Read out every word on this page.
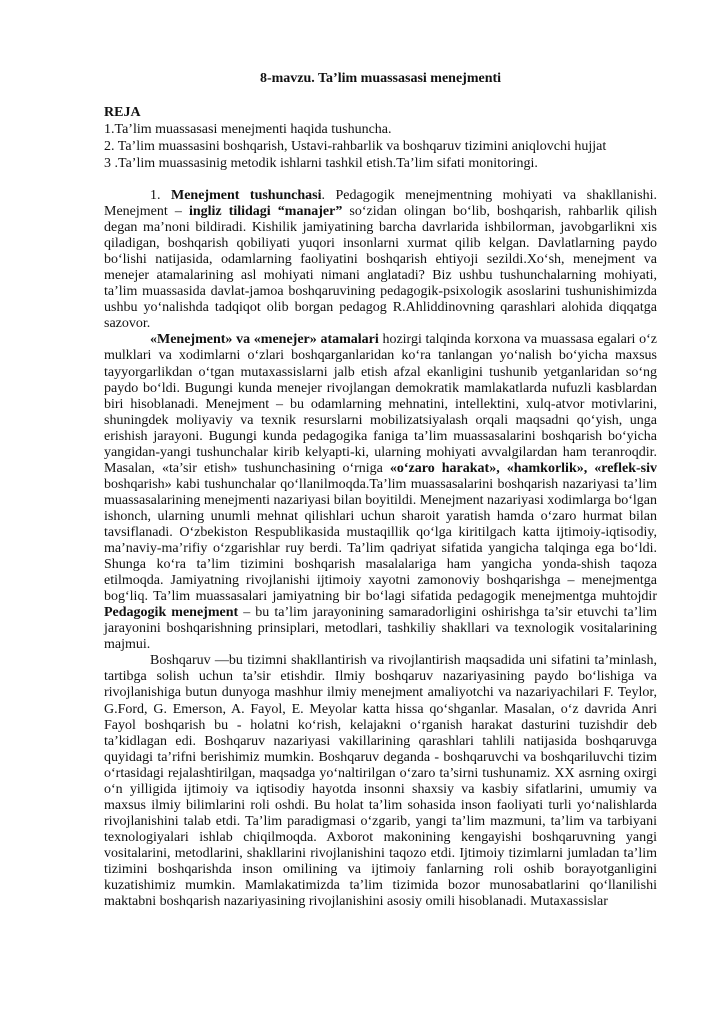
8-mavzu. Ta’lim muassasasi menejmenti
REJA
1.Ta’lim muassasasi menejmenti haqida tushuncha.
2. Ta’lim muassasini boshqarish, Ustavi-rahbarlik va boshqaruv tizimini aniqlovchi hujjat
3 .Ta’lim muassasinig metodik ishlarni tashkil etish.Ta’lim sifati monitoringi.

1. Menejment tushunchasi. Pedagogik menejmentning mohiyati va shakllanishi. Menejment – ingliz tilidagi “manajer” so‘zidan olingan bo‘lib, boshqarish, rahbarlik qilish degan ma’noni bildiradi. Kishilik jamiyatining barcha davrlarida ishbilorman, javobgarlikni xis qiladigan, boshqarish qobiliyati yuqori insonlarni xurmat qilib kelgan. Davlatlarning paydo bo‘lishi natijasida, odamlarning faoliyatini boshqarish ehtiyoji sezildi.Xo‘sh, menejment va menejer atamalarining asl mohiyati nimani anglatadi? Biz ushbu tushunchalarning mohiyati, ta’lim muassasida davlat-jamoa boshqaruvining pedagogik-psixologik asoslarini tushunishimizda ushbu yo‘nalishda tadqiqot olib borgan pedagog R.Ahliddinovning qarashlari alohida diqqatga sazovor.

«Menejment» va «menejer» atamalari hozirgi talqinda korxona va muassasa egalari o‘z mulklari va xodimlarni o‘zlari boshqarganlaridan ko‘ra tanlangan yo‘nalish bo‘yicha maxsus tayyorgarlikdan o‘tgan mutaxassislarni jalb etish afzal ekanligini tushunib yetganlaridan so‘ng paydo bo‘ldi. Bugungi kunda menejer rivojlangan demokratik mamlakatlarda nufuzli kasblardan biri hisoblanadi. Menejment – bu odamlarning mehnatini, intellektini, xulq-atvor motivlarini, shuningdek moliyaviy va texnik resurslarni mobilizatsiyalash orqali maqsadni qo‘yish, unga erishish jarayoni. Bugungi kunda pedagogika faniga ta’lim muassasalarini boshqarish bo‘yicha yangidan-yangi tushunchalar kirib kelyapti-ki, ularning mohiyati avvalgilardan ham teranroqdir. Masalan, «ta’sir etish» tushunchasining o‘rniga «o‘zaro harakat», «hamkorlik», «reflek-siv boshqarish» kabi tushunchalar qo‘llanilmoqda.Ta’lim muassasalarini boshqarish nazariyasi ta’lim muassasalarining menejmenti nazariyasi bilan boyitildi. Menejment nazariyasi xodimlarga bo‘lgan ishonch, ularning unumli mehnat qilishlari uchun sharoit yaratish hamda o‘zaro hurmat bilan tavsiflanadi. O‘zbekiston Respublikasida mustaqillik qo‘lga kiritilgach katta ijtimoiy-iqtisodiy, ma’naviy-ma’rifiy o‘zgarishlar ruy berdi. Ta’lim qadriyat sifatida yangicha talqinga ega bo‘ldi. Shunga ko‘ra ta’lim tizimini boshqarish masalalariga ham yangicha yonda-shish taqoza etilmoqda. Jamiyatning rivojlanishi ijtimoiy xayotni zamonoviy boshqarishga – menejmentga bog‘liq. Ta’lim muassasalari jamiyatning bir bo‘lagi sifatida pedagogik menejmentga muhtojdir Pedagogik menejment – bu ta’lim jarayonining samaradorligini oshirishga ta’sir etuvchi ta’lim jarayonini boshqarishning prinsiplari, metodlari, tashkiliy shakllari va texnologik vositalarining majmui.

Boshqaruv —bu tizimni shakllantirish va rivojlantirish maqsadida uni sifatini ta’minlash, tartibga solish uchun ta’sir etishdir. Ilmiy boshqaruv nazariyasining paydo bo‘lishiga va rivojlanishiga butun dunyoga mashhur ilmiy menejment amaliyotchi va nazariyachilari F. Teylor, G.Ford, G. Emerson, A. Fayol, E. Meyolar katta hissa qo‘shganlar. Masalan, o‘z davrida Anri Fayol boshqarish bu - holatni ko‘rish, kelajakni o‘rganish harakat dasturini tuzishdir deb ta’kidlagan edi. Boshqaruv nazariyasi vakillarining qarashlari tahlili natijasida boshqaruvga quyidagi ta’rifni berishimiz mumkin. Boshqaruv deganda - boshqaruvchi va boshqariluvchi tizim o‘rtasidagi rejalashtirilgan, maqsadga yo‘naltirilgan o‘zaro ta’sirni tushunamiz. XX asrning oxirgi o‘n yilligida ijtimoiy va iqtisodiy hayotda insonni shaxsiy va kasbiy sifatlarini, umumiy va maxsus ilmiy bilimlarini roli oshdi. Bu holat ta’lim sohasida inson faoliyati turli yo‘nalishlarda rivojlanishini talab etdi. Ta’lim paradigmasi o‘zgarib, yangi ta’lim mazmuni, ta’lim va tarbiyani texnologiyalari ishlab chiqilmoqda. Axborot makonining kengayishi boshqaruvning yangi vositalarini, metodlarini, shakllarini rivojlanishini taqozo etdi. Ijtimoiy tizimlarni jumladan ta’lim tizimini boshqarishda inson omilining va ijtimoiy fanlarning roli oshib borayotganligini kuzatishimiz mumkin. Mamlakatimizda ta’lim tizimida bozor munosabatlarini qo‘llanilishi maktabni boshqarish nazariyasining rivojlanishini asosiy omili hisoblanadi. Mutaxassislar
